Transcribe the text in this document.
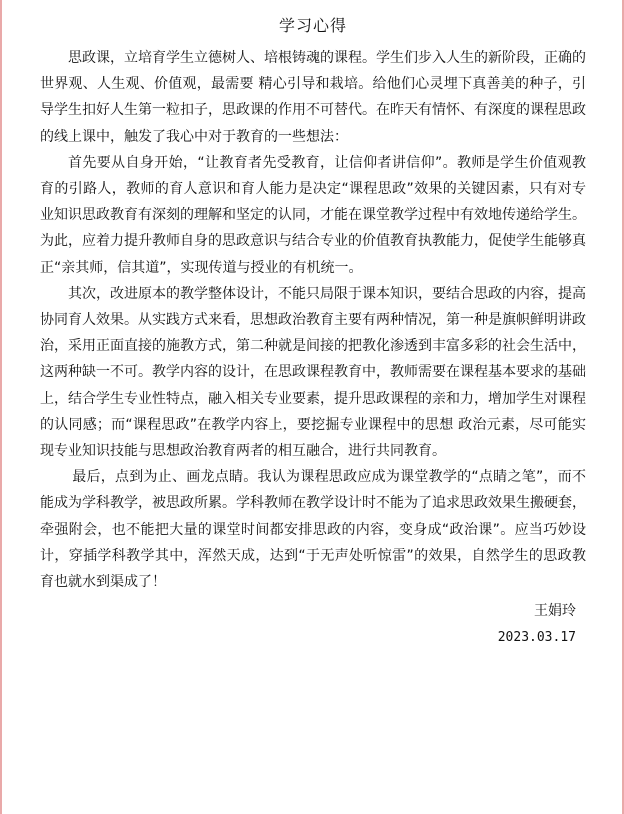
学习心得

思政课，立培育学生立德树人、培根铸魂的课程。学生们步入人生的新阶段，正确的世界观、人生观、价值观，最需要 精心引导和栽培。给他们心灵埋下真善美的种子，引导学生扣好人生第一粒扣子，思政课的作用不可替代。在昨天有情怀、有深度的课程思政的线上课中，触发了我心中对于教育的一些想法：

首先要从自身开始，“让教育者先受教育，让信仰者讲信仰”。教师是学生价值观教育的引路人，教师的育人意识和育人能力是决定“课程思政”效果的关键因素，只有对专业知识思政教育有深刻的理解和坚定的认同，才能在课堂教学过程中有效地传递给学生。 为此，应着力提升教师自身的思政意识与结合专业的价值教育执教能力，促使学生能够真正“亲其师，信其道”，实现传道与授业的有机统一。

其次，改进原本的教学整体设计，不能只局限于课本知识，要结合思政的内容，提高协同育人效果。从实践方式来看，思想政治教育主要有两种情况，第一种是旗帜鲜明讲政治，采用正面直接的施教方式，第二种就是间接的把教化渗透到丰富多彩的社会生活中， 这两种缺一不可。教学内容的设计，在思政课程教育中，教师需要在课程基本要求的基础上，结合学生专业性特点，融入相关专业要素，提升思政课程的亲和力，增加学生对课程的认同感；而“课程思政”在教学内容上，要挖掘专业课程中的思想 政治元素，尽可能实现专业知识技能与思想政治教育两者的相互融合，进行共同教育。

最后，点到为止、画龙点睛。我认为课程思政应成为课堂教学的“点睛之笔”，而不能成为学科教学，被思政所累。学科教师在教学设计时不能为了追求思政效果生搬硬套，牵强附会，也不能把大量的课堂时间都安排思政的内容，变身成“政治课”。应当巧妙设计，穿插学科教学其中，浑然天成，达到“于无声处听惊雷”的效果，自然学生的思政教育也就水到渠成了！

王娟玲
2023.03.17
